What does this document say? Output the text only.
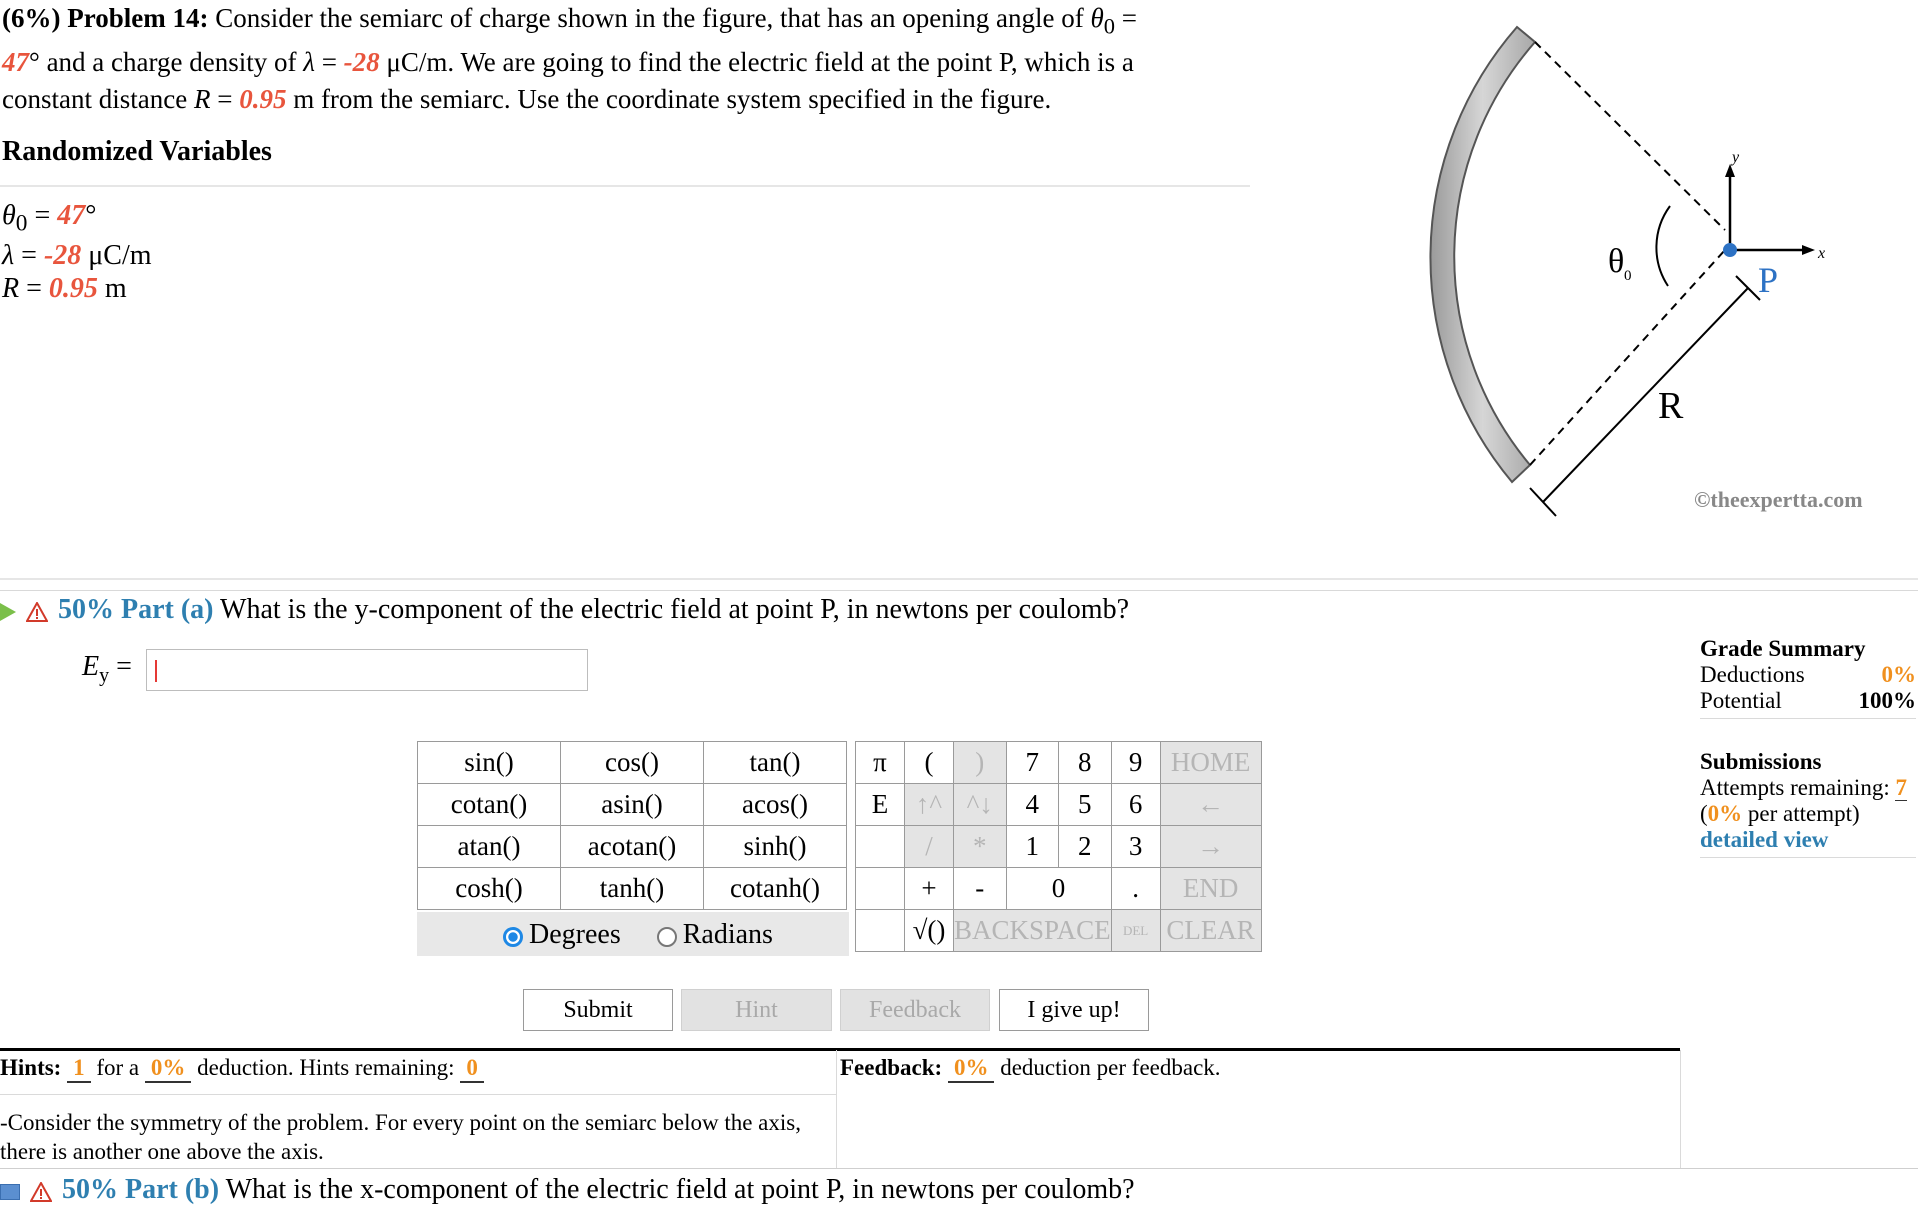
(6%) Problem 14: Consider the semiarc of charge shown in the figure, that has an opening angle of $\theta_0$ =
47° and a charge density of λ = -28 μC/m. We are going to find the electric field at the point P, which is a
constant distance R = 0.95 m from the semiarc. Use the coordinate system specified in the figure.
Randomized Variables
$\theta_0 = 47^\circ$
λ = -28 μC/m
R = 0.95 m
θ 0
y
x
P
R
©theexpertta.com
50% Part (a) What is the y-component of the electric field at point P, in newtons per coulomb?
$E_y$ =
sin()	cos()	tan()		π	(	)	7	8	9	HOME
cotan()	asin()	acos()		E	↑^	^↓	4	5	6	←
atan()	acotan()	sinh()			/	*	1	2	3	→
cosh()	tanh()	cotanh()			+	-	0		.	END
					√()	BACKSPACE			DEL	CLEAR
Degrees Radians
Submit	Hint	Feedback	I give up!
Grade Summary
Deductions	0%
Potential	100%
Submissions
Attempts remaining: 7
(0% per attempt)
detailed view
Hints: 1 for a 0% deduction. Hints remaining: 0	Feedback: 0% deduction per feedback.
-Consider the symmetry of the problem. For every point on the semiarc below the axis, there is another one above the axis.
50% Part (b) What is the x-component of the electric field at point P, in newtons per coulomb?
